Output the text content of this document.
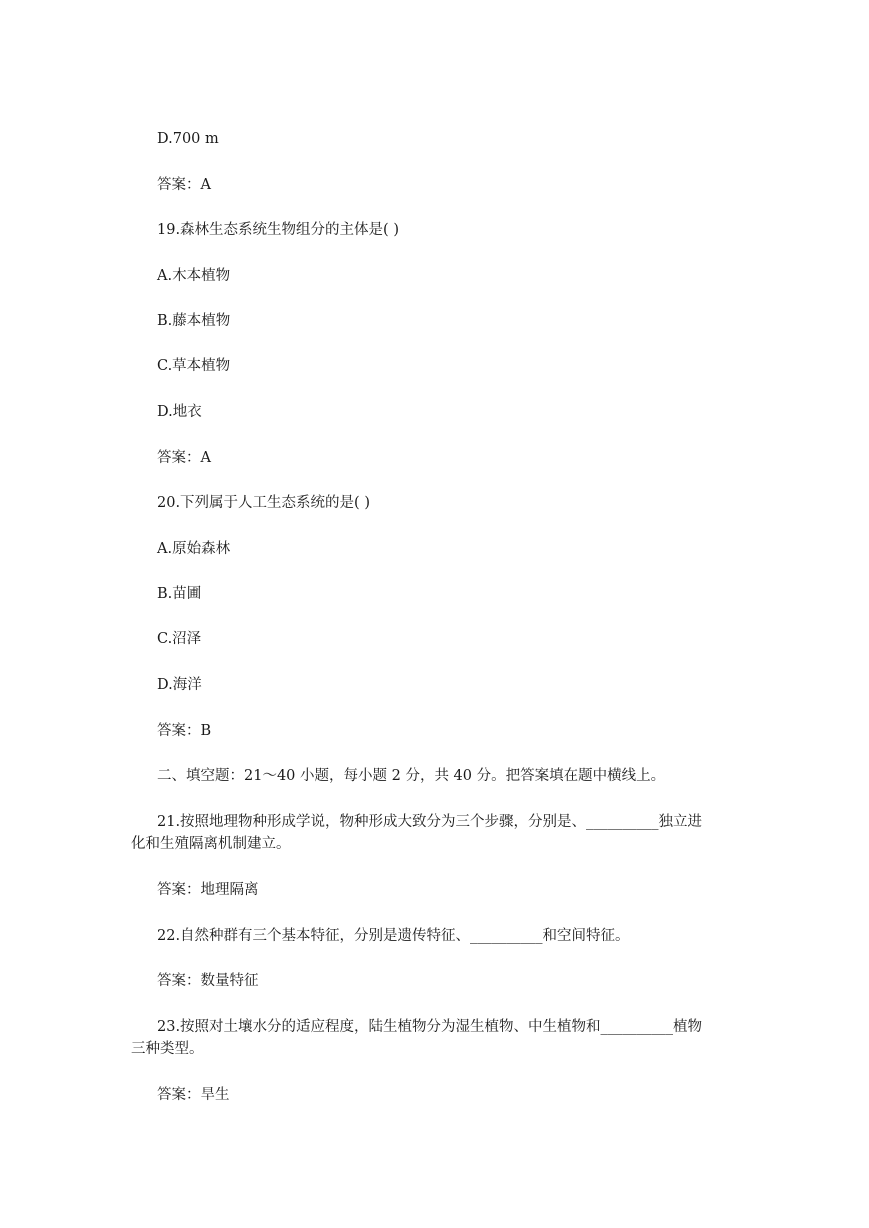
D.700 m
答案：A
19.森林生态系统生物组分的主体是( )
A.木本植物
B.藤本植物
C.草本植物
D.地衣
答案：A
20.下列属于人工生态系统的是( )
A.原始森林
B.苗圃
C.沼泽
D.海洋
答案：B
二、填空题：21～40 小题，每小题 2 分，共 40 分。把答案填在题中横线上。
21.按照地理物种形成学说，物种形成大致分为三个步骤，分别是、__________独立进
化和生殖隔离机制建立。
答案：地理隔离
22.自然种群有三个基本特征，分别是遗传特征、__________和空间特征。
答案：数量特征
23.按照对土壤水分的适应程度，陆生植物分为湿生植物、中生植物和__________植物
三种类型。
答案：旱生
